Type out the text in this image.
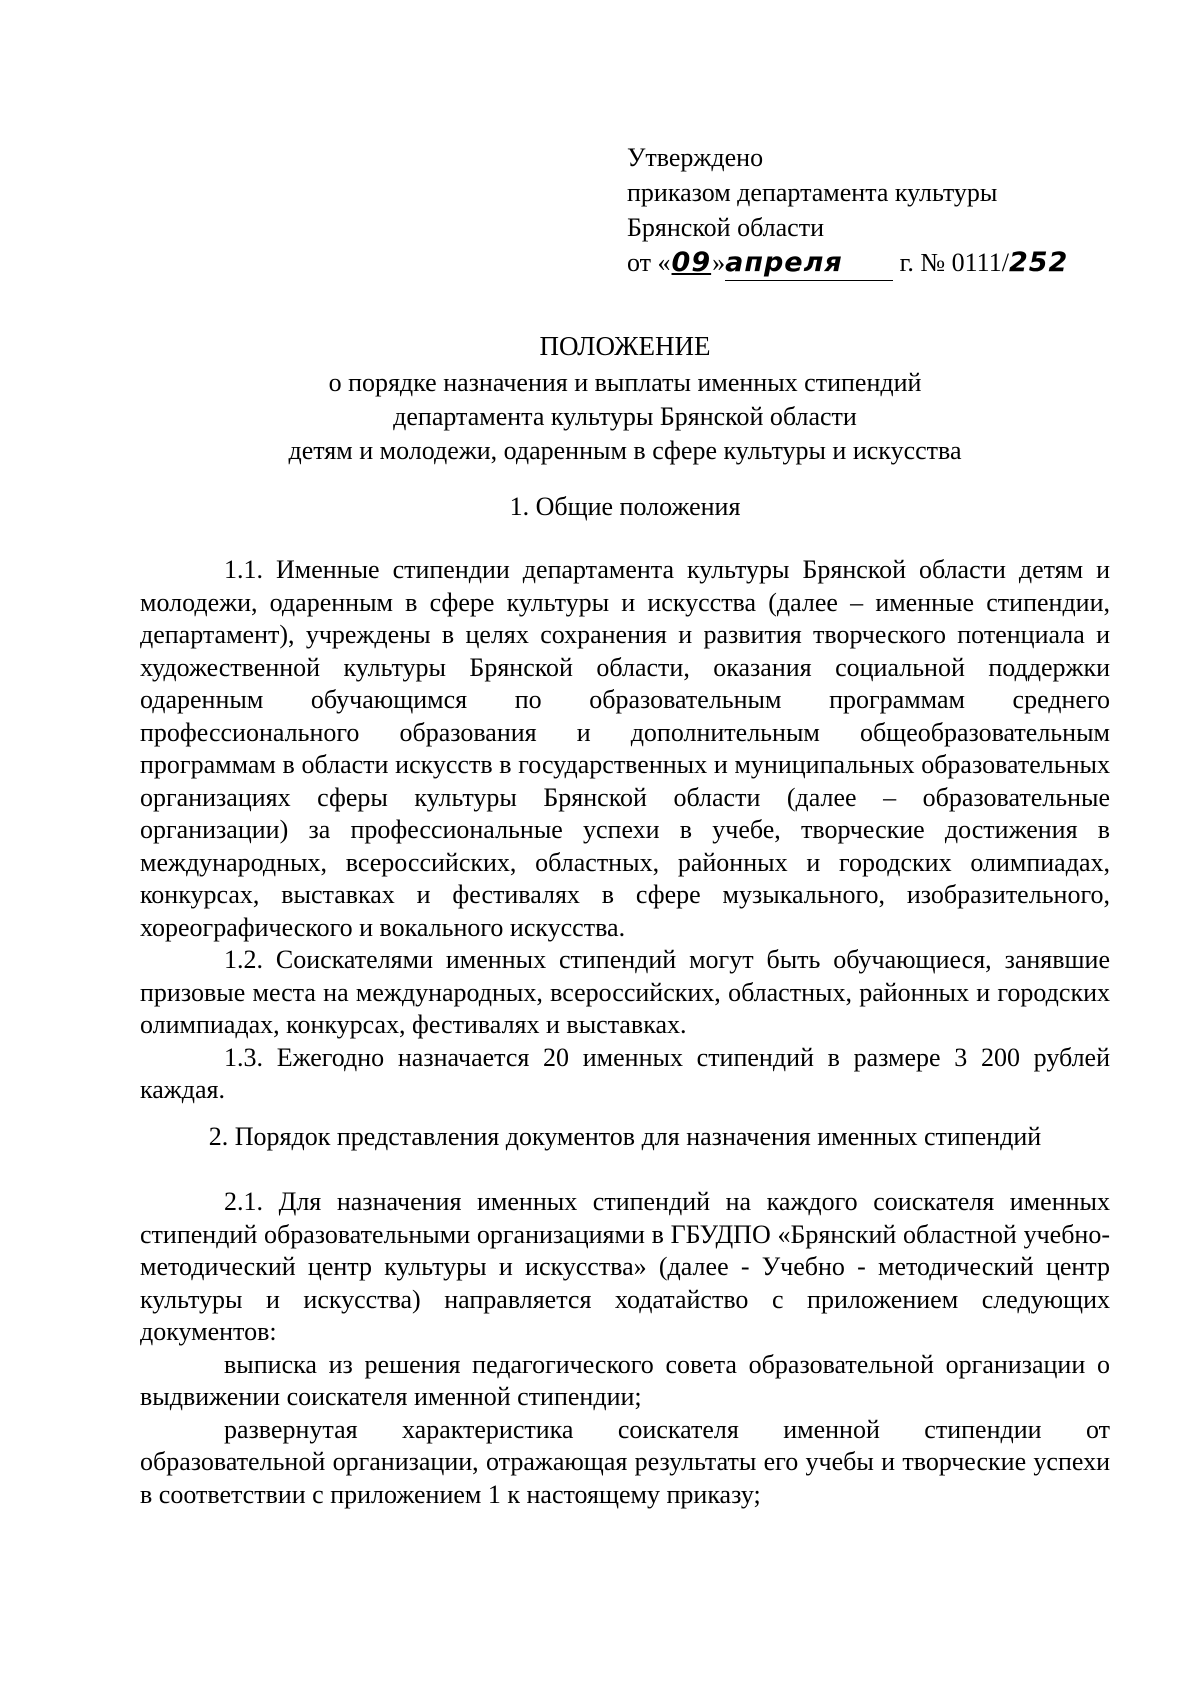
Утверждено
приказом департамента культуры
Брянской области
от «09»апреля г. № 0111/252
ПОЛОЖЕНИЕ
о порядке назначения и выплаты именных стипендий
департамента культуры Брянской области
детям и молодежи, одаренным в сфере культуры и искусства
1. Общие положения

1.1. Именные стипендии департамента культуры Брянской области детям и молодежи, одаренным в сфере культуры и искусства (далее – именные стипендии, департамент), учреждены в целях сохранения и развития творческого потенциала и художественной культуры Брянской области, оказания социальной поддержки одаренным обучающимся по образовательным программам среднего профессионального образования и дополнительным общеобразовательным программам в области искусств в государственных и муниципальных образовательных организациях сферы культуры Брянской области (далее – образовательные организации) за профессиональные успехи в учебе, творческие достижения в международных, всероссийских, областных, районных и городских олимпиадах, конкурсах, выставках и фестивалях в сфере музыкального, изобразительного, хореографического и вокального искусства.

1.2. Соискателями именных стипендий могут быть обучающиеся, занявшие призовые места на международных, всероссийских, областных, районных и городских олимпиадах, конкурсах, фестивалях и выставках.

1.3. Ежегодно назначается 20 именных стипендий в размере 3 200 рублей каждая.

2. Порядок представления документов для назначения именных стипендий

2.1. Для назначения именных стипендий на каждого соискателя именных стипендий образовательными организациями в ГБУДПО «Брянский областной учебно-методический центр культуры и искусства» (далее - Учебно - методический центр культуры и искусства) направляется ходатайство с приложением следующих документов:

выписка из решения педагогического совета образовательной организации о выдвижении соискателя именной стипендии;

развернутая характеристика соискателя именной стипендии от образовательной организации, отражающая результаты его учебы и творческие успехи в соответствии с приложением 1 к настоящему приказу;
